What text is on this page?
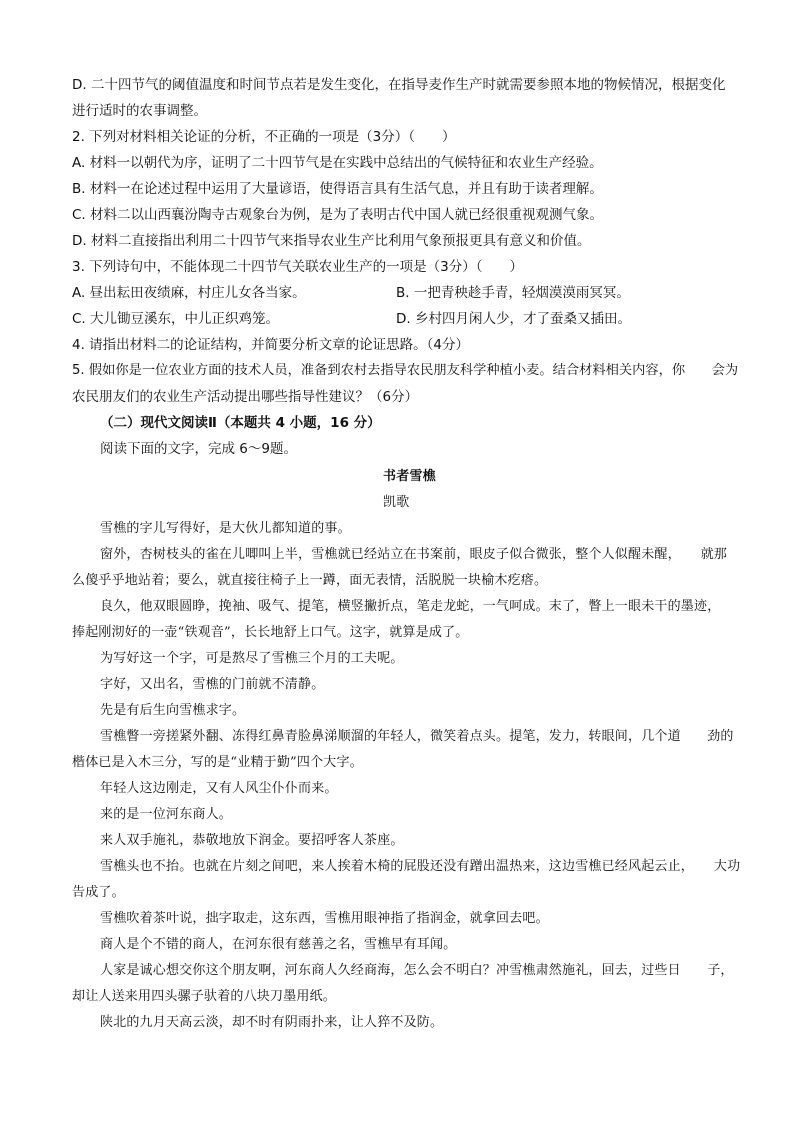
D. 二十四节气的阈值温度和时间节点若是发生变化，在指导麦作生产时就需要参照本地的物候情况，根据变化
进行适时的农事调整。
2. 下列对材料相关论证的分析，不正确的一项是（3分）（　　）
A. 材料一以朝代为序，证明了二十四节气是在实践中总结出的气候特征和农业生产经验。
B. 材料一在论述过程中运用了大量谚语，使得语言具有生活气息，并且有助于读者理解。
C. 材料二以山西襄汾陶寺古观象台为例，是为了表明古代中国人就已经很重视观测气象。
D. 材料二直接指出利用二十四节气来指导农业生产比利用气象预报更具有意义和价值。
3. 下列诗句中，不能体现二十四节气关联农业生产的一项是（3分）（　　）
A. 昼出耘田夜绩麻，村庄儿女各当家。	B. 一把青秧趁手青，轻烟漠漠雨冥冥。
C. 大儿锄豆溪东，中儿正织鸡笼。	D. 乡村四月闲人少，才了蚕桑又插田。
4. 请指出材料二的论证结构，并简要分析文章的论证思路。（4分）
5. 假如你是一位农业方面的技术人员，准备到农村去指导农民朋友科学种植小麦。结合材料相关内容，你　　会为
农民朋友们的农业生产活动提出哪些指导性建议？（6分）
（二）现代文阅读Ⅱ（本题共 4 小题，16 分）
阅读下面的文字，完成 6～9题。
书者雪樵
凯歌
雪樵的字儿写得好，是大伙儿都知道的事。
窗外，杏树枝头的雀在儿唧叫上半，雪樵就已经站立在书案前，眼皮子似合微张，整个人似醒未醒，　　就那
么傻乎乎地站着；要么，就直接往椅子上一蹲，面无表情，活脱脱一块榆木疙瘩。
良久，他双眼圆睁，挽袖、吸气、提笔，横竖撇折点，笔走龙蛇，一气呵成。末了，瞥上一眼未干的墨迹，
捧起刚沏好的一壶“铁观音”，长长地舒上口气。这字，就算是成了。
为写好这一个字，可是熬尽了雪樵三个月的工夫呢。
字好，又出名，雪樵的门前就不清静。
先是有后生向雪樵求字。
雪樵瞥一旁搓紧外翻、冻得红鼻青脸鼻涕顺溜的年轻人，微笑着点头。提笔，发力，转眼间，几个道　　劲的
楷体已是入木三分，写的是“业精于勤”四个大字。
年轻人这边刚走，又有人风尘仆仆而来。
来的是一位河东商人。
来人双手施礼，恭敬地放下润金。要招呼客人茶座。
雪樵头也不抬。也就在片刻之间吧，来人挨着木椅的屁股还没有蹭出温热来，这边雪樵已经风起云止，　　大功
告成了。
雪樵吹着茶叶说，拙字取走，这东西，雪樵用眼神指了指润金，就拿回去吧。
商人是个不错的商人，在河东很有慈善之名，雪樵早有耳闻。
人家是诚心想交你这个朋友啊，河东商人久经商海，怎么会不明白？冲雪樵肃然施礼，回去，过些日　　子，
却让人送来用四头骡子驮着的八块刀墨用纸。
陕北的九月天高云淡，却不时有阴雨扑来，让人猝不及防。
